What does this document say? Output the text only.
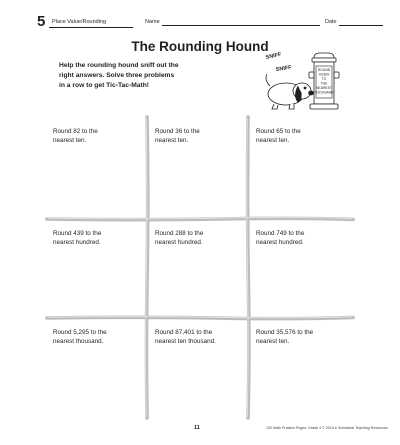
5 Place Value/Rounding	Name	Date
The Rounding Hound
Help the rounding hound sniff out the
right answers. Solve three problems
in a row to get Tic-Tac-Math!
ROUND
93,826
TO
THE
NEAREST
THOUSAND
SNIFF
SNIFF
Round 82 to the
nearest ten.
Round 36 to the
nearest ten.
Round 65 to the
nearest ten.
Round 439 to the
nearest hundred.
Round 288 to the
nearest hundred.
Round 749 to the
nearest hundred.
Round 5,295 to the
nearest thousand.
Round 87,401 to the
nearest ten thousand.
Round 35,576 to the
nearest ten.
11	100 Math Practice Pages: Grade 4 © 2015 ● Scholastic Teaching Resources
